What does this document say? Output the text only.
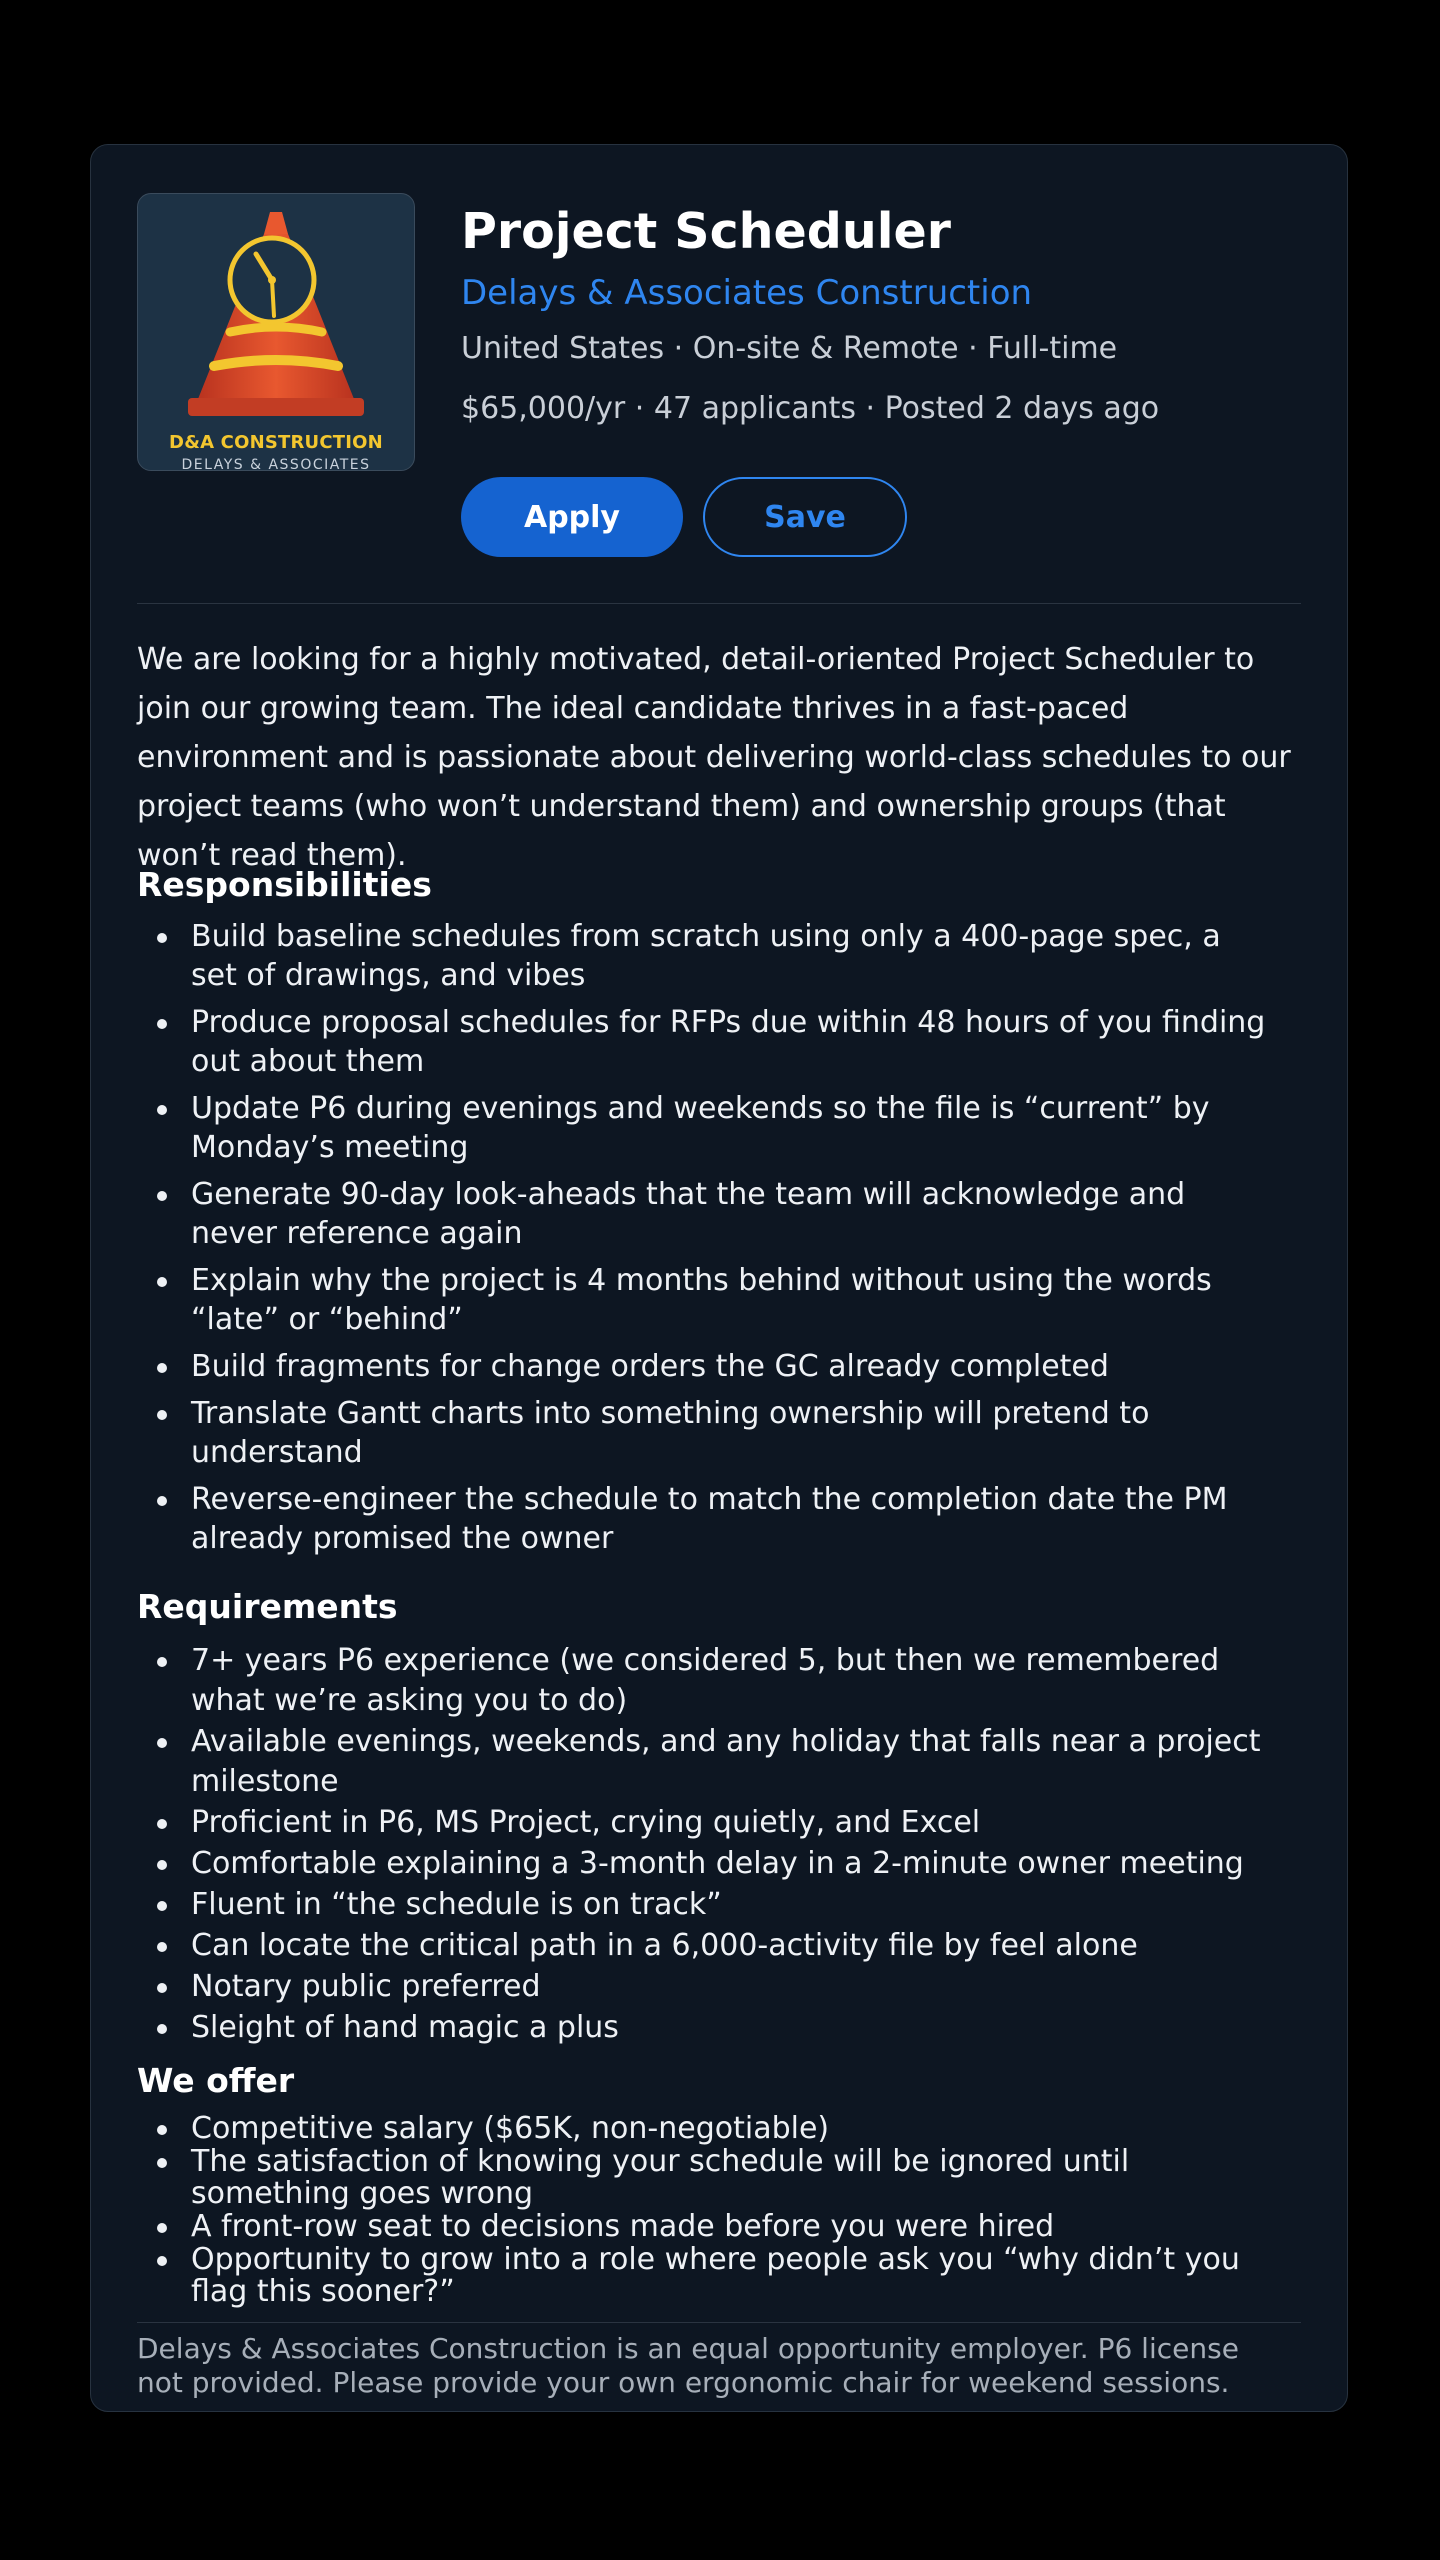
D&A CONSTRUCTION
DELAYS & ASSOCIATES
Project Scheduler
Delays & Associates Construction
United States · On-site & Remote · Full-time
$65,000/yr · 47 applicants · Posted 2 days ago
Apply	Save
We are looking for a highly motivated, detail-oriented Project Scheduler to join our growing team. The ideal candidate thrives in a fast-paced environment and is passionate about delivering world-class schedules to our project teams (who won’t understand them) and ownership groups (that won’t read them).
Responsibilities
Build baseline schedules from scratch using only a 400-page spec, a set of drawings, and vibes
Produce proposal schedules for RFPs due within 48 hours of you finding out about them
Update P6 during evenings and weekends so the file is “current” by Monday’s meeting
Generate 90-day look-aheads that the team will acknowledge and never reference again
Explain why the project is 4 months behind without using the words “late” or “behind”
Build fragments for change orders the GC already completed
Translate Gantt charts into something ownership will pretend to understand
Reverse-engineer the schedule to match the completion date the PM already promised the owner
Requirements
7+ years P6 experience (we considered 5, but then we remembered what we’re asking you to do)
Available evenings, weekends, and any holiday that falls near a project milestone
Proficient in P6, MS Project, crying quietly, and Excel
Comfortable explaining a 3-month delay in a 2-minute owner meeting
Fluent in “the schedule is on track”
Can locate the critical path in a 6,000-activity file by feel alone
Notary public preferred
Sleight of hand magic a plus
We offer
Competitive salary ($65K, non-negotiable)
The satisfaction of knowing your schedule will be ignored until something goes wrong
A front-row seat to decisions made before you were hired
Opportunity to grow into a role where people ask you “why didn’t you flag this sooner?”
Delays & Associates Construction is an equal opportunity employer. P6 license not provided. Please provide your own ergonomic chair for weekend sessions.
